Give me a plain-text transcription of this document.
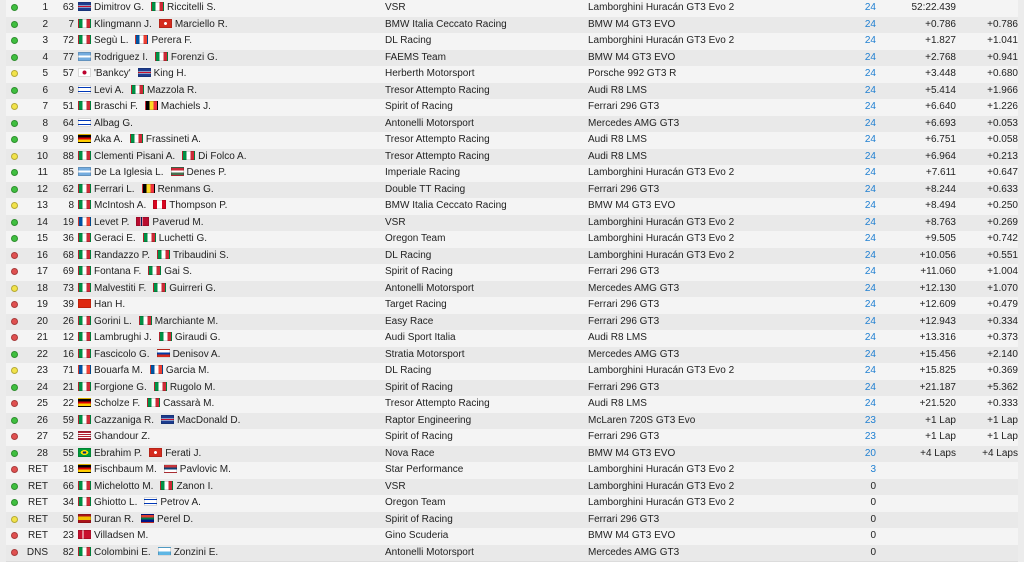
1	63	Dimitrov G. Riccitelli S.	VSR	Lamborghini Huracán GT3 Evo 2	24	52:22.439
2	7	Klingmann J. Marciello R.	BMW Italia Ceccato Racing	BMW M4 GT3 EVO	24	+0.786	+0.786
3	72	Segù L. Perera F.	DL Racing	Lamborghini Huracán GT3 Evo 2	24	+1.827	+1.041
4	77	Rodriguez I. Forenzi G.	FAEMS Team	BMW M4 GT3 EVO	24	+2.768	+0.941
5	57	'Bankcy' King H.	Herberth Motorsport	Porsche 992 GT3 R	24	+3.448	+0.680
6	9	Levi A. Mazzola R.	Tresor Attempto Racing	Audi R8 LMS	24	+5.414	+1.966
7	51	Braschi F. Machiels J.	Spirit of Racing	Ferrari 296 GT3	24	+6.640	+1.226
8	64	Albag G.	Antonelli Motorsport	Mercedes AMG GT3	24	+6.693	+0.053
9	99	Aka A. Frassineti A.	Tresor Attempto Racing	Audi R8 LMS	24	+6.751	+0.058
10	88	Clementi Pisani A. Di Folco A.	Tresor Attempto Racing	Audi R8 LMS	24	+6.964	+0.213
11	85	De La Iglesia L. Denes P.	Imperiale Racing	Lamborghini Huracán GT3 Evo 2	24	+7.611	+0.647
12	62	Ferrari L. Renmans G.	Double TT Racing	Ferrari 296 GT3	24	+8.244	+0.633
13	8	McIntosh A. Thompson P.	BMW Italia Ceccato Racing	BMW M4 GT3 EVO	24	+8.494	+0.250
14	19	Levet P. Paverud M.	VSR	Lamborghini Huracán GT3 Evo 2	24	+8.763	+0.269
15	36	Geraci E. Luchetti G.	Oregon Team	Lamborghini Huracán GT3 Evo 2	24	+9.505	+0.742
16	68	Randazzo P. Tribaudini S.	DL Racing	Lamborghini Huracán GT3 Evo 2	24	+10.056	+0.551
17	69	Fontana F. Gai S.	Spirit of Racing	Ferrari 296 GT3	24	+11.060	+1.004
18	73	Malvestiti F. Guirreri G.	Antonelli Motorsport	Mercedes AMG GT3	24	+12.130	+1.070
19	39	Han H.	Target Racing	Ferrari 296 GT3	24	+12.609	+0.479
20	26	Gorini L. Marchiante M.	Easy Race	Ferrari 296 GT3	24	+12.943	+0.334
21	12	Lambrughi J. Giraudi G.	Audi Sport Italia	Audi R8 LMS	24	+13.316	+0.373
22	16	Fascicolo G. Denisov A.	Stratia Motorsport	Mercedes AMG GT3	24	+15.456	+2.140
23	71	Bouarfa M. Garcia M.	DL Racing	Lamborghini Huracán GT3 Evo 2	24	+15.825	+0.369
24	21	Forgione G. Rugolo M.	Spirit of Racing	Ferrari 296 GT3	24	+21.187	+5.362
25	22	Scholze F. Cassarà M.	Tresor Attempto Racing	Audi R8 LMS	24	+21.520	+0.333
26	59	Cazzaniga R. MacDonald D.	Raptor Engineering	McLaren 720S GT3 Evo	23	+1 Lap	+1 Lap
27	52	Ghandour Z.	Spirit of Racing	Ferrari 296 GT3	23	+1 Lap	+1 Lap
28	55	Ebrahim P. Ferati J.	Nova Race	BMW M4 GT3 EVO	20	+4 Laps	+4 Laps
RET	18	Fischbaum M. Pavlovic M.	Star Performance	Lamborghini Huracán GT3 Evo 2	3
RET	66	Michelotto M. Zanon I.	VSR	Lamborghini Huracán GT3 Evo 2	0
RET	34	Ghiotto L. Petrov A.	Oregon Team	Lamborghini Huracán GT3 Evo 2	0
RET	50	Duran R. Perel D.	Spirit of Racing	Ferrari 296 GT3	0
RET	23	Villadsen M.	Gino Scuderia	BMW M4 GT3 EVO	0
DNS	82	Colombini E. Zonzini E.	Antonelli Motorsport	Mercedes AMG GT3	0
